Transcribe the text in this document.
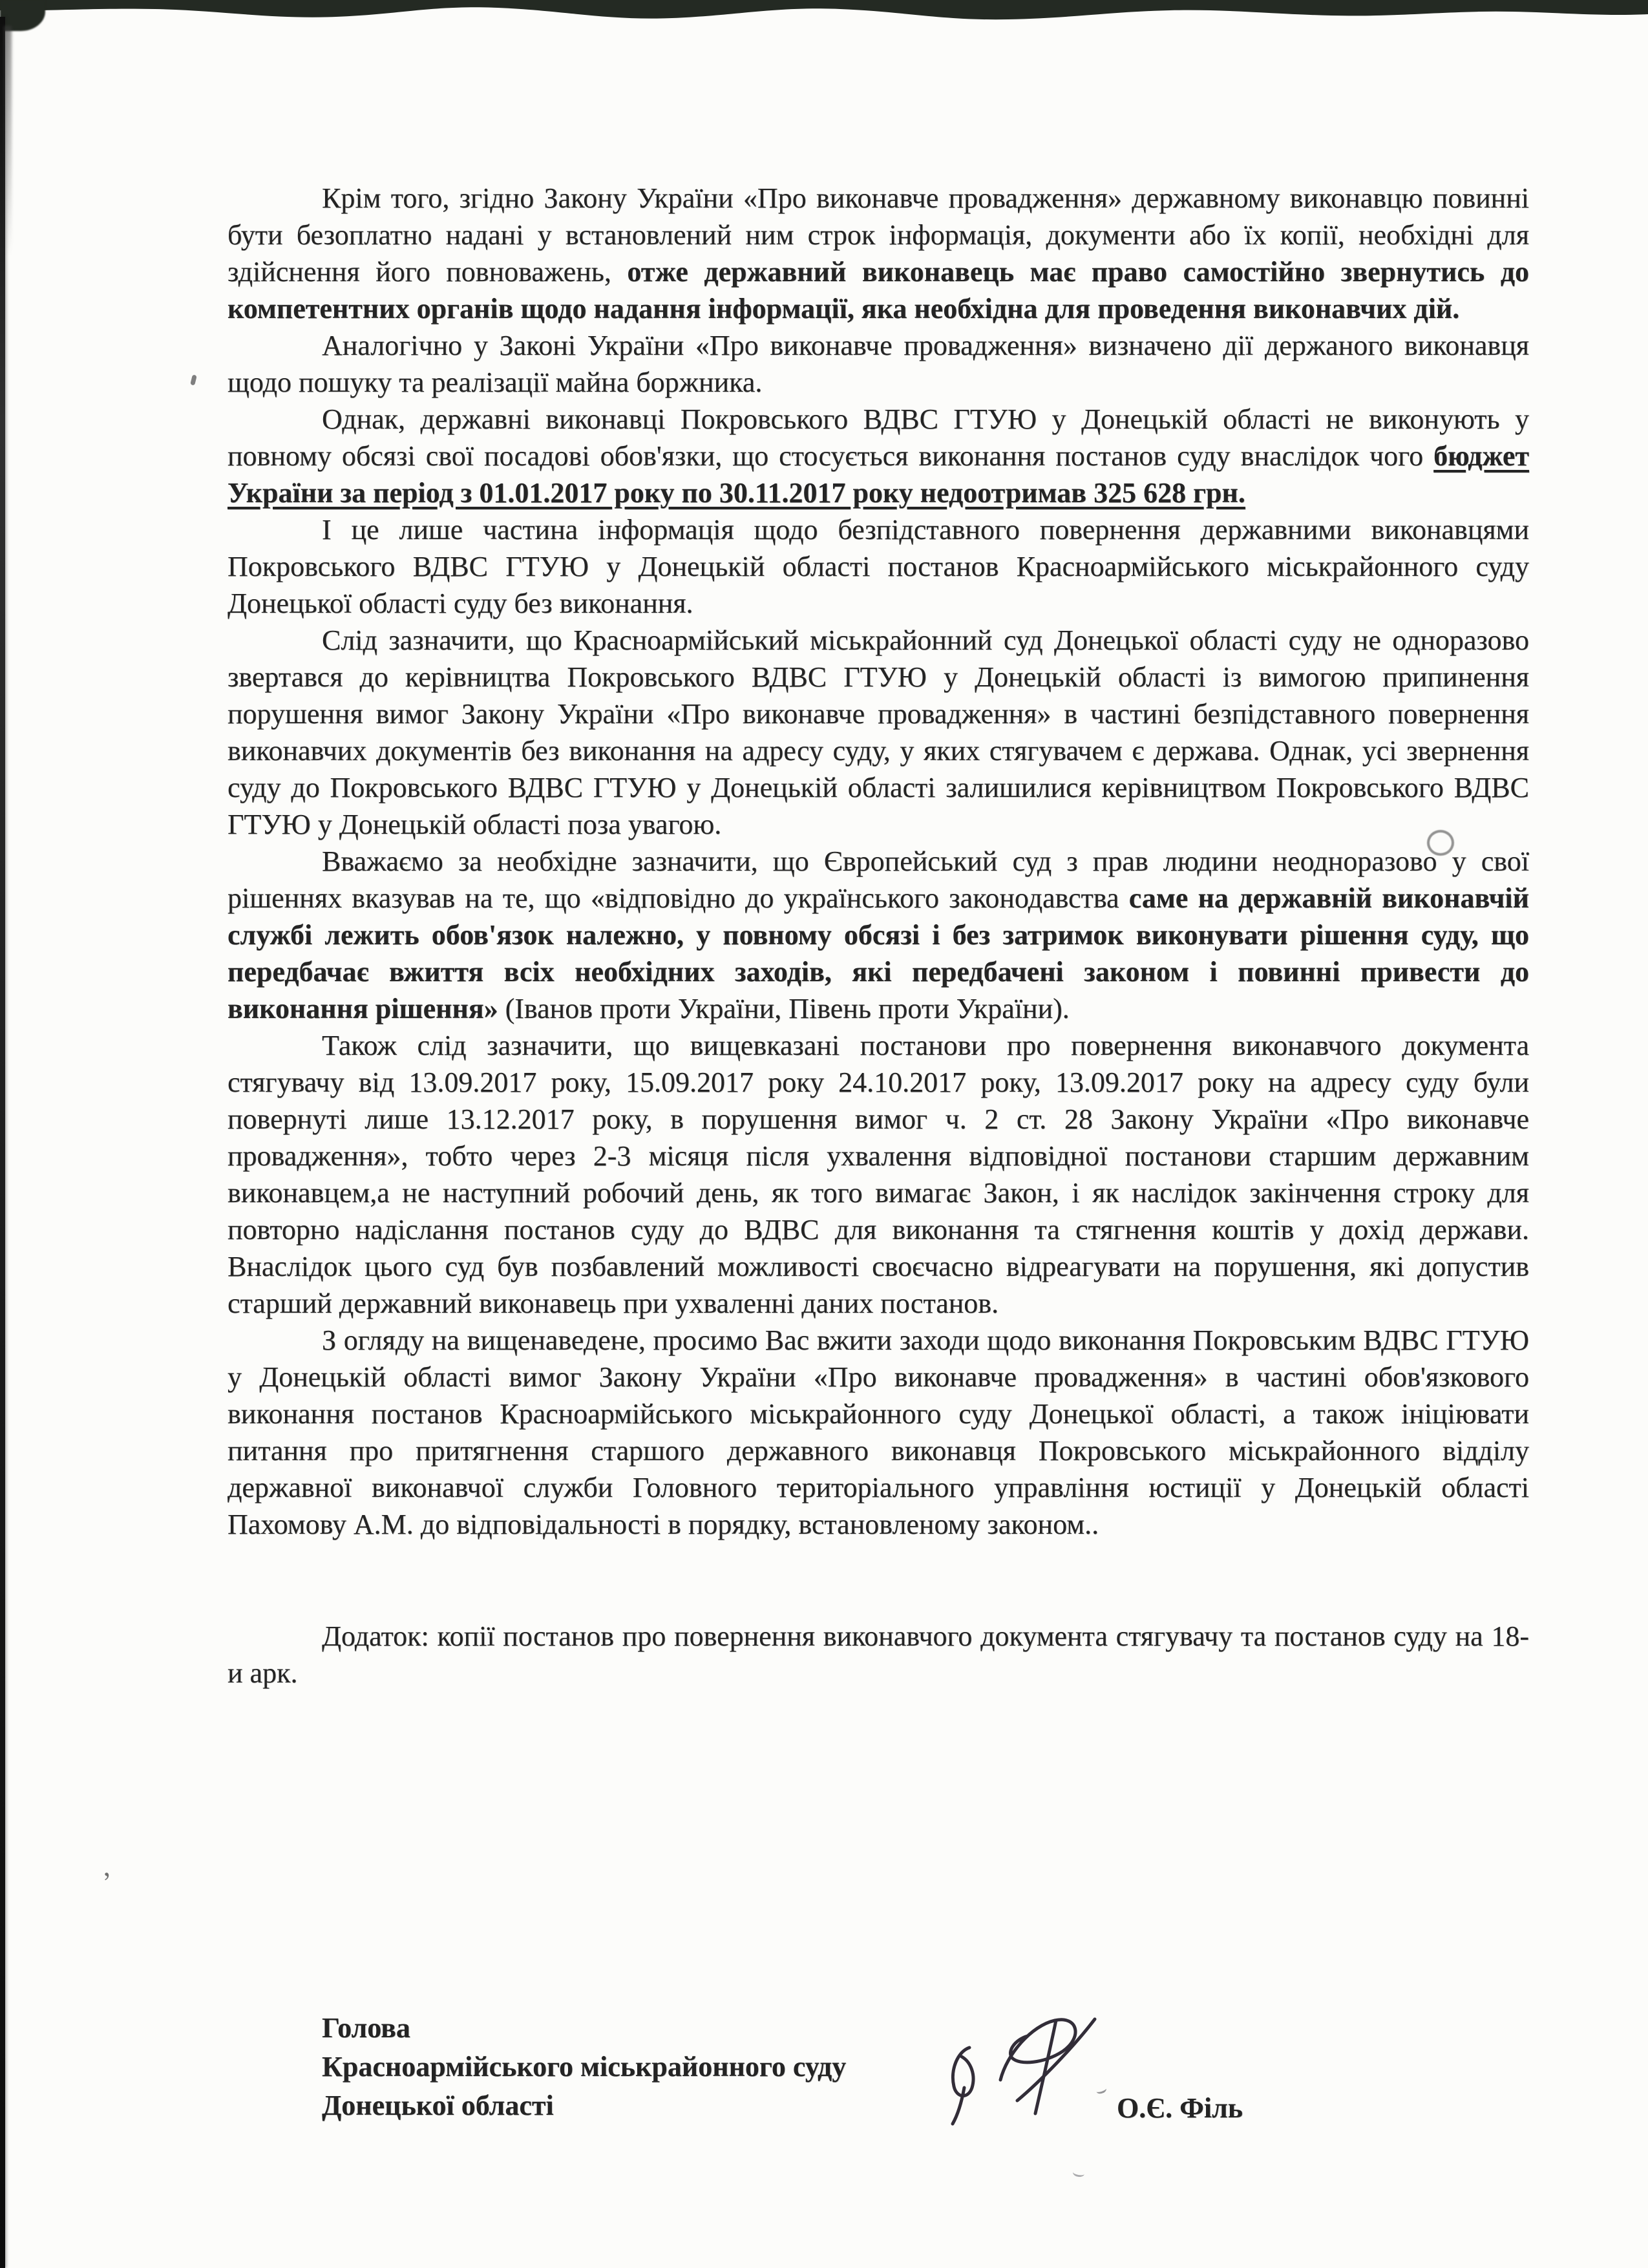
,

Крім того, згідно Закону України «Про виконавче провадження» державному виконавцю повинні бути безоплатно надані у встановлений ним строк інформація, документи або їх копії, необхідні для здійснення його повноважень, отже державний виконавець має право самостійно звернутись до компетентних органів щодо надання інформації, яка необхідна для проведення виконавчих дій.

Аналогічно у Законі України «Про виконавче провадження» визначено дії держаного виконавця щодо пошуку та реалізації майна боржника.

Однак, державні виконавці Покровського ВДВС ГТУЮ у Донецькій області не виконують у повному обсязі свої посадові обов'язки, що стосується виконання постанов суду внаслідок чого бюджет України за період з 01.01.2017 року по 30.11.2017 року недоотримав 325 628 грн.

І це лише частина інформація щодо безпідставного повернення державними виконавцями Покровського ВДВС ГТУЮ у Донецькій області постанов Красноармійського міськрайонного суду Донецької області суду без виконання.

Слід зазначити, що Красноармійський міськрайонний суд Донецької області суду не одноразово звертався до керівництва Покровського ВДВС ГТУЮ у Донецькій області із вимогою припинення порушення вимог Закону України «Про виконавче провадження» в частині безпідставного повернення виконавчих документів без виконання на адресу суду, у яких стягувачем є держава. Однак, усі звернення суду до Покровського ВДВС ГТУЮ у Донецькій області залишилися керівництвом Покровського ВДВС ГТУЮ у Донецькій області поза увагою.

Вважаємо за необхідне зазначити, що Європейський суд з прав людини неодноразово у свої рішеннях вказував на те, що «відповідно до українського законодавства саме на державній виконавчій службі лежить обов'язок належно, у повному обсязі і без затримок виконувати рішення суду, що передбачає вжиття всіх необхідних заходів, які передбачені законом і повинні привести до виконання рішення» (Іванов проти України, Півень проти України).

Також слід зазначити, що вищевказані постанови про повернення виконавчого документа стягувачу від 13.09.2017 року, 15.09.2017 року 24.10.2017 року, 13.09.2017 року на адресу суду були повернуті лише 13.12.2017 року, в порушення вимог ч. 2 ст. 28 Закону України «Про виконавче провадження», тобто через 2-3 місяця після ухвалення відповідної постанови старшим державним виконавцем,а не наступний робочий день, як того вимагає Закон, і як наслідок закінчення строку для повторно надіслання постанов суду до ВДВС для виконання та стягнення коштів у дохід держави. Внаслідок цього суд був позбавлений можливості своєчасно відреагувати на порушення, які допустив старший державний виконавець при ухваленні даних постанов.

З огляду на вищенаведене, просимо Вас вжити заходи щодо виконання Покровським ВДВС ГТУЮ у Донецькій області вимог Закону України «Про виконавче провадження» в частині обов'язкового виконання постанов Красноармійського міськрайонного суду Донецької області, а також ініціювати питання про притягнення старшого державного виконавця Покровського міськрайонного відділу державної виконавчої служби Головного територіального управління юстиції у Донецькій області Пахомову А.М. до відповідальності в порядку, встановленому законом..

Додаток: копії постанов про повернення виконавчого документа стягувачу та постанов суду на 18- и арк.

Голова
Красноармійського міськрайонного суду
Донецької області	О.Є. Філь
